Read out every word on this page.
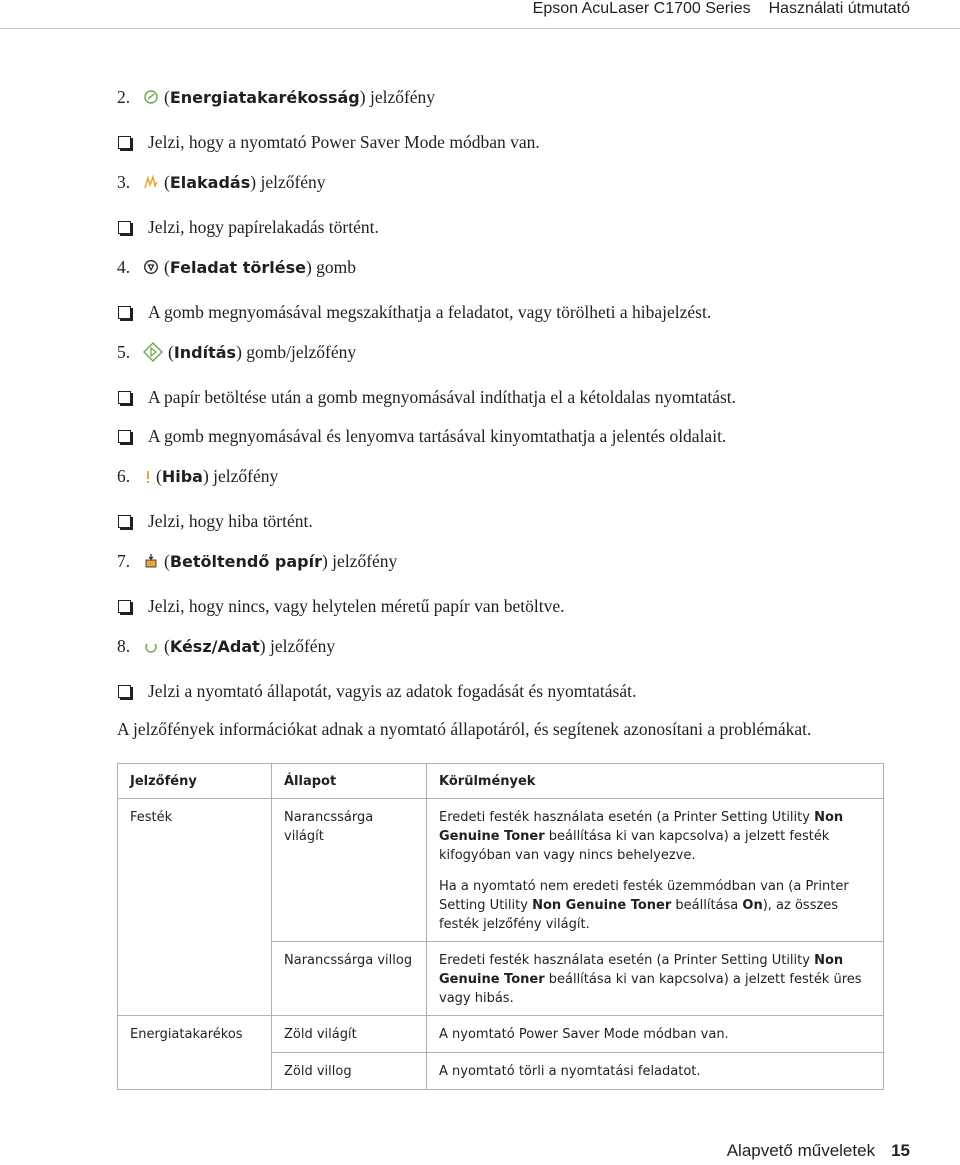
Epson AcuLaser C1700 Series Használati útmutató
2. (Energiatakarékosság) jelzőfény
Jelzi, hogy a nyomtató Power Saver Mode módban van.
3. (Elakadás) jelzőfény
Jelzi, hogy papírelakadás történt.
4. (Feladat törlése) gomb
A gomb megnyomásával megszakíthatja a feladatot, vagy törölheti a hibajelzést.
5. (Indítás) gomb/jelzőfény
A papír betöltése után a gomb megnyomásával indíthatja el a kétoldalas nyomtatást.
A gomb megnyomásával és lenyomva tartásával kinyomtathatja a jelentés oldalait.
6. (Hiba) jelzőfény
Jelzi, hogy hiba történt.
7. (Betöltendő papír) jelzőfény
Jelzi, hogy nincs, vagy helytelen méretű papír van betöltve.
8. (Kész/Adat) jelzőfény
Jelzi a nyomtató állapotát, vagyis az adatok fogadását és nyomtatását.
A jelzőfények információkat adnak a nyomtató állapotáról, és segítenek azonosítani a problémákat.
Jelzőfény	Állapot	Körülmények
Festék	Narancssárga világít	Eredeti festék használata esetén (a Printer Setting Utility Non Genuine Toner beállítása ki van kapcsolva) a jelzett festék kifogyóban van vagy nincs behelyezve.
Ha a nyomtató nem eredeti festék üzemmódban van (a Printer Setting Utility Non Genuine Toner beállítása On), az összes festék jelzőfény világít.

	Narancssárga villog	Eredeti festék használata esetén (a Printer Setting Utility Non Genuine Toner beállítása ki van kapcsolva) a jelzett festék üres vagy hibás.

Energiatakarékos	Zöld világít	A nyomtató Power Saver Mode módban van.
	Zöld villog	A nyomtató törli a nyomtatási feladatot.
Alapvető műveletek 15
